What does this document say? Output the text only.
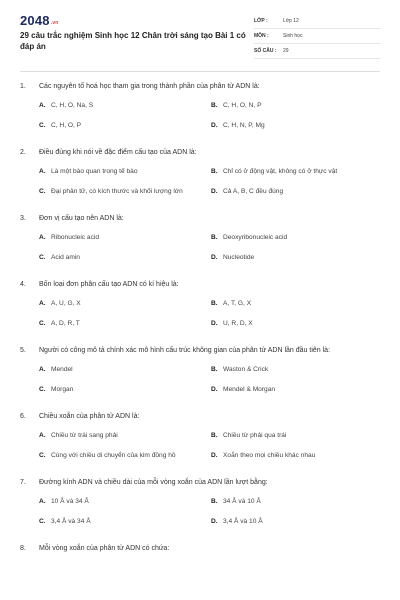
$2048^{.vn}$
29 câu trắc nghiệm Sinh học 12 Chân trời sáng tạo Bài 1 có đáp án
LỚP :	Lớp 12
MÔN :	Sinh học
SỐ CÂU : 29
1.	Các nguyên tố hoá học tham gia trong thành phần của phân tử ADN là:
A. C, H, O, Na, S	B. C, H, O, N, P
C. C, H, O, P	D. C, H, N, P, Mg
2.	Điều đúng khi nói về đặc điểm cấu tạo của ADN là:
A. Là một bào quan trong tế bào	B. Chỉ có ở động vật, không có ở thực vật
C. Đại phân tử, có kích thước và khối lượng lớn	D. Cả A, B, C đều đúng
3.	Đơn vị cấu tạo nên ADN là:
A. Ribonucleic acid	B. Deoxyribonucleic acid
C. Acid amin	D. Nucleotide
4.	Bốn loại đơn phân cấu tạo ADN có kí hiệu là:
A. A, U, G, X	B. A, T, G, X
C. A, D, R, T	D. U, R, D, X
5.	Người có công mô tả chính xác mô hình cấu trúc không gian của phân tử ADN lần đầu tiên là:
A. Mendel	B. Waston & Crick
C. Morgan	D. Mendel & Morgan
6.	Chiều xoắn của phân tử ADN là:
A. Chiều từ trái sang phải	B. Chiều từ phải qua trái
C. Cùng với chiều di chuyển của kim đồng hồ	D. Xoắn theo mọi chiều khác nhau
7.	Đường kính ADN và chiều dài của mỗi vòng xoắn của ADN lần lượt bằng:
A. 10 Å và 34 Å	B. 34 Å và 10 Å
C. 3,4 Å và 34 Å	D. 3,4 Å và 10 Å
8.	Mỗi vòng xoắn của phân tử ADN có chứa:
